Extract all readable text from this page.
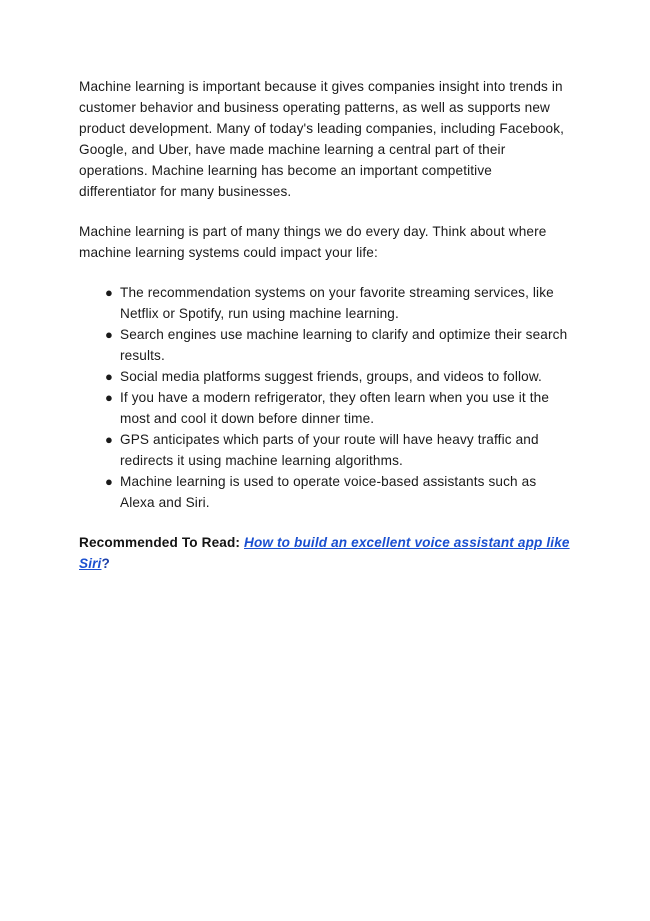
Machine learning is important because it gives companies insight into trends in customer behavior and business operating patterns, as well as supports new product development. Many of today's leading companies, including Facebook, Google, and Uber, have made machine learning a central part of their operations. Machine learning has become an important competitive differentiator for many businesses.

Machine learning is part of many things we do every day. Think about where machine learning systems could impact your life:

● The recommendation systems on your favorite streaming services, like Netflix or Spotify, run using machine learning.
● Search engines use machine learning to clarify and optimize their search results.
● Social media platforms suggest friends, groups, and videos to follow.
● If you have a modern refrigerator, they often learn when you use it the most and cool it down before dinner time.
● GPS anticipates which parts of your route will have heavy traffic and redirects it using machine learning algorithms.
● Machine learning is used to operate voice-based assistants such as Alexa and Siri.

Recommended To Read: How to build an excellent voice assistant app like Siri?
